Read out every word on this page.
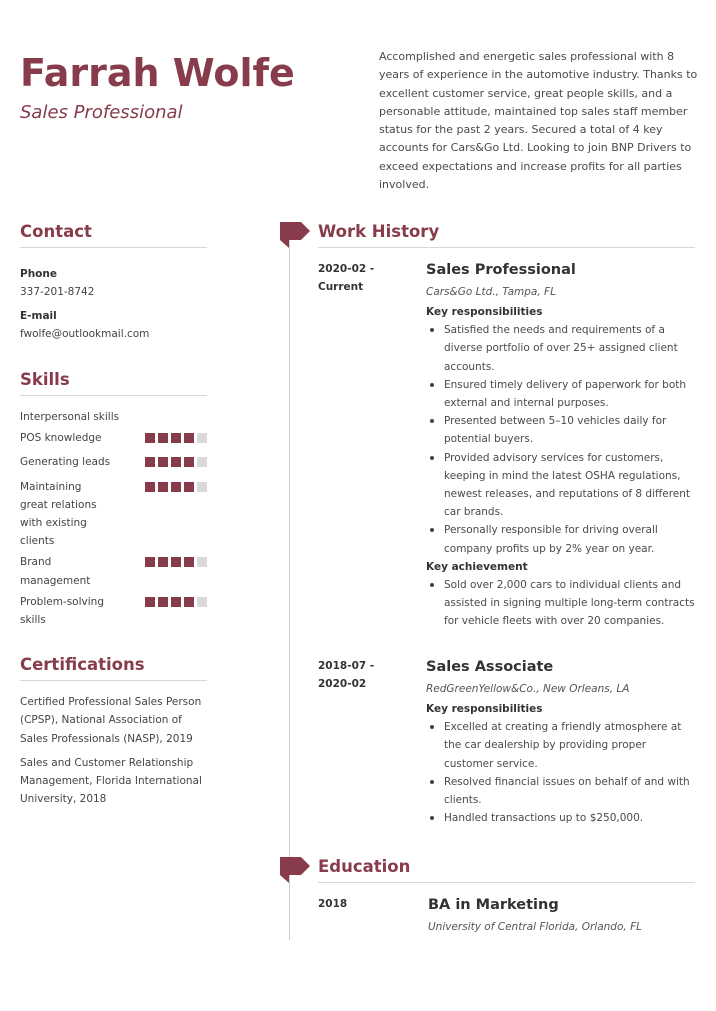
Farrah Wolfe
Sales Professional
Accomplished and energetic sales professional with 8 years of experience in the automotive industry. Thanks to excellent customer service, great people skills, and a personable attitude, maintained top sales staff member status for the past 2 years. Secured a total of 4 key accounts for Cars&Go Ltd. Looking to join BNP Drivers to exceed expectations and increase profits for all parties involved.
Contact
Phone
337-201-8742
E-mail
fwolfe@outlookmail.com
Skills
Interpersonal skills
POS knowledge
Generating leads
Maintaining great relations with existing clients
Brand management
Problem-solving skills
Certifications
Certified Professional Sales Person (CPSP), National Association of Sales Professionals (NASP), 2019
Sales and Customer Relationship Management, Florida International University, 2018
Work History
2020-02 - Current
Sales Professional
Cars&Go Ltd., Tampa, FL
Key responsibilities
Satisfied the needs and requirements of a diverse portfolio of over 25+ assigned client accounts.
Ensured timely delivery of paperwork for both external and internal purposes.
Presented between 5–10 vehicles daily for potential buyers.
Provided advisory services for customers, keeping in mind the latest OSHA regulations, newest releases, and reputations of 8 different car brands.
Personally responsible for driving overall company profits up by 2% year on year.
Key achievement
Sold over 2,000 cars to individual clients and assisted in signing multiple long-term contracts for vehicle fleets with over 20 companies.
2018-07 - 2020-02
Sales Associate
RedGreenYellow&Co., New Orleans, LA
Key responsibilities
Excelled at creating a friendly atmosphere at the car dealership by providing proper customer service.
Resolved financial issues on behalf of and with clients.
Handled transactions up to $250,000.
Education
2018	BA in Marketing
University of Central Florida, Orlando, FL
